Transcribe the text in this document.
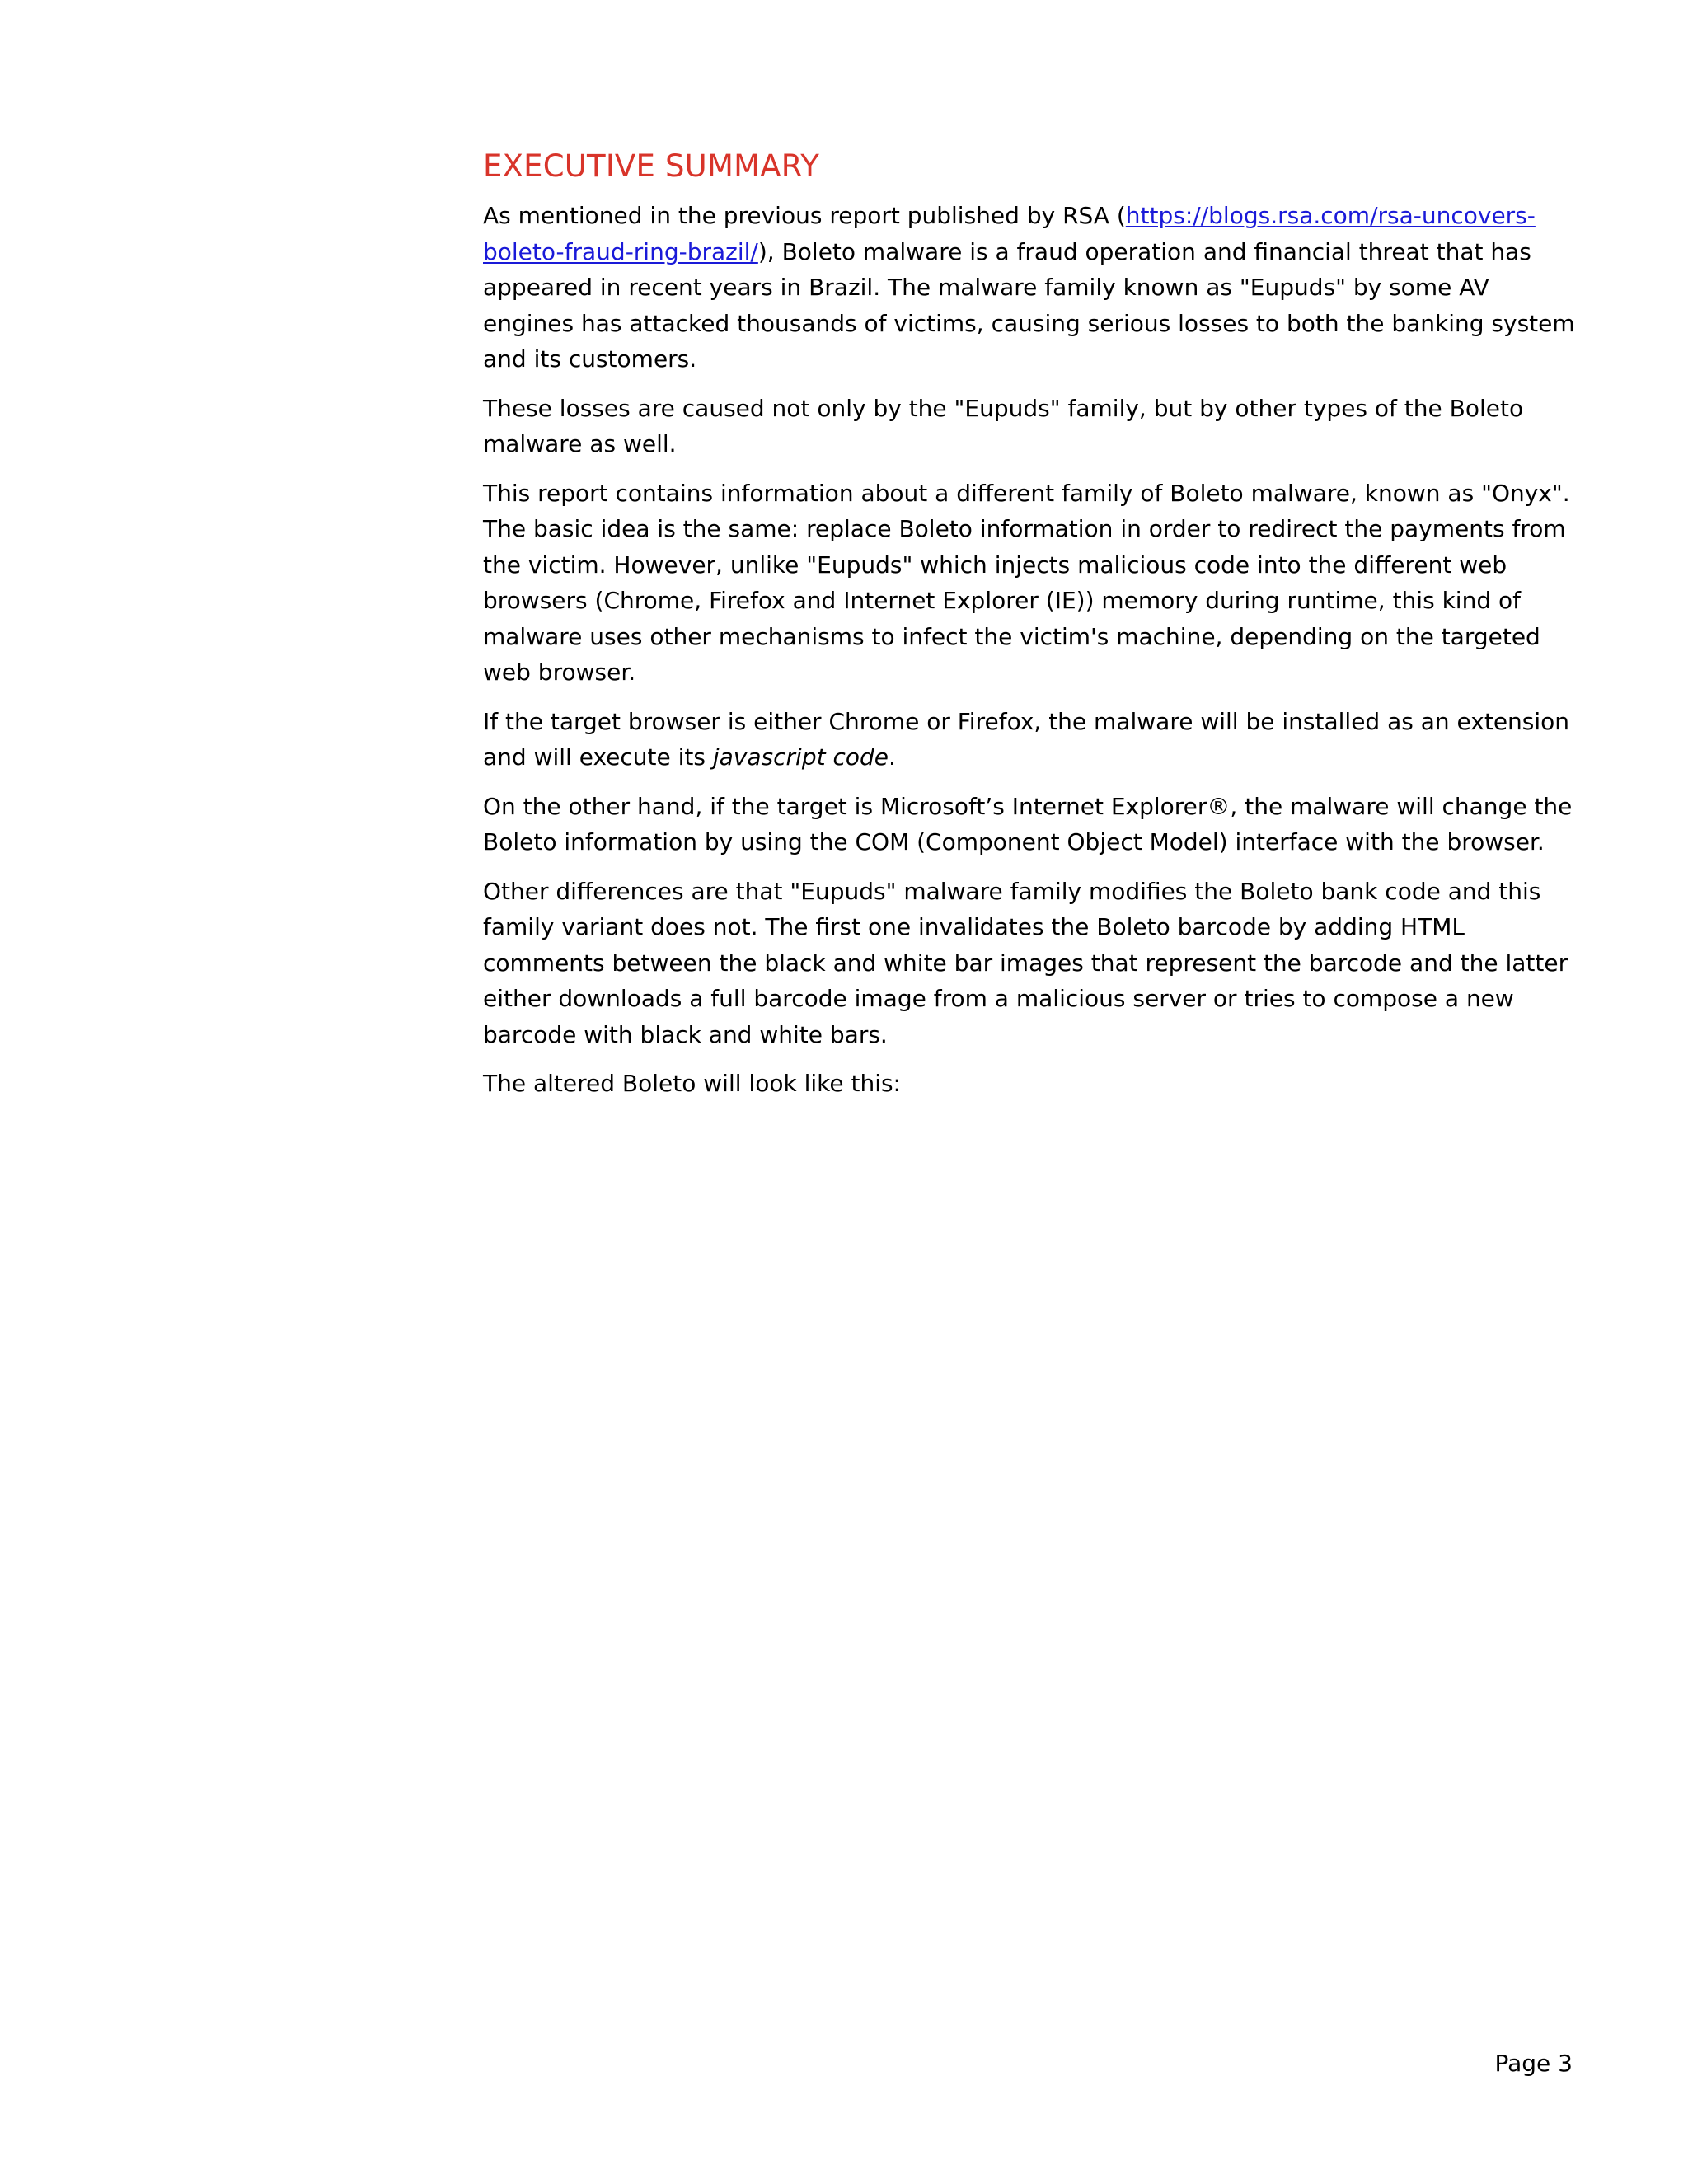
EXECUTIVE SUMMARY

As mentioned in the previous report published by RSA (https://blogs.rsa.com/rsa-uncovers-boleto-fraud-ring-brazil/), Boleto malware is a fraud operation and financial threat that has appeared in recent years in Brazil. The malware family known as "Eupuds" by some AV engines has attacked thousands of victims, causing serious losses to both the banking system and its customers.

These losses are caused not only by the "Eupuds" family, but by other types of the Boleto malware as well.

This report contains information about a different family of Boleto malware, known as "Onyx". The basic idea is the same: replace Boleto information in order to redirect the payments from the victim. However, unlike "Eupuds" which injects malicious code into the different web browsers (Chrome, Firefox and Internet Explorer (IE)) memory during runtime, this kind of malware uses other mechanisms to infect the victim's machine, depending on the targeted web browser.

If the target browser is either Chrome or Firefox, the malware will be installed as an extension and will execute its javascript code.

On the other hand, if the target is Microsoft’s Internet Explorer®, the malware will change the Boleto information by using the COM (Component Object Model) interface with the browser.

Other differences are that "Eupuds" malware family modifies the Boleto bank code and this family variant does not. The first one invalidates the Boleto barcode by adding HTML comments between the black and white bar images that represent the barcode and the latter either downloads a full barcode image from a malicious server or tries to compose a new barcode with black and white bars.

The altered Boleto will look like this:

Page 3
